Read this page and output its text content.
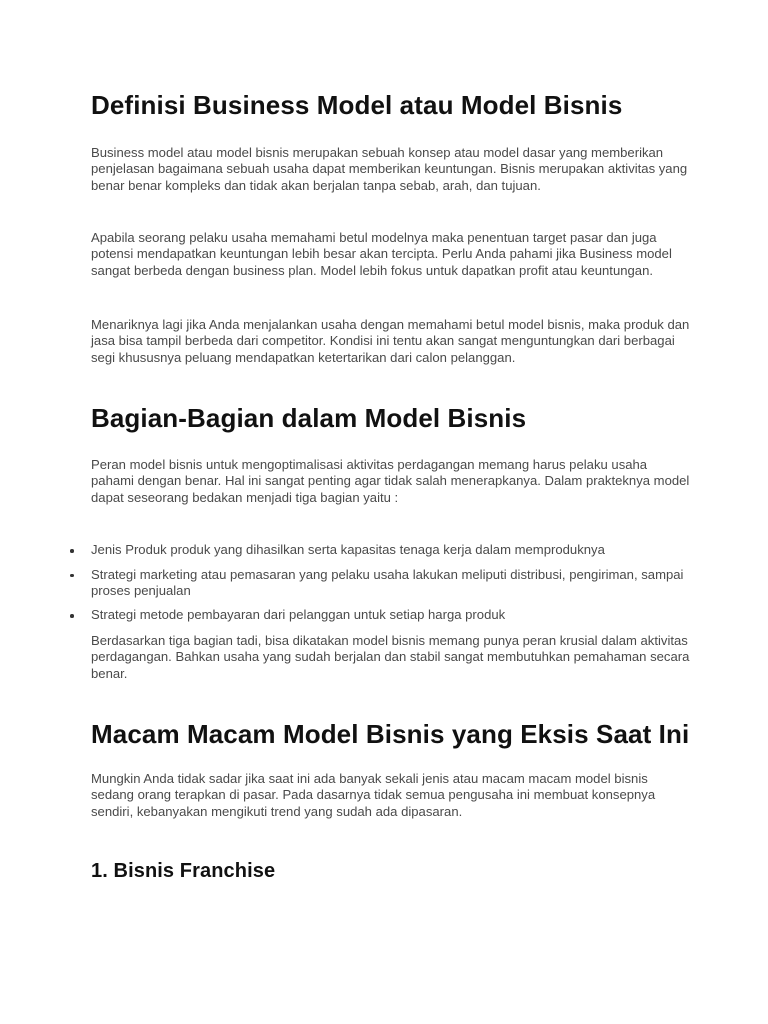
Definisi Business Model atau Model Bisnis

Business model atau model bisnis merupakan sebuah konsep atau model dasar yang memberikan penjelasan bagaimana sebuah usaha dapat memberikan keuntungan. Bisnis merupakan aktivitas yang benar benar kompleks dan tidak akan berjalan tanpa sebab, arah, dan tujuan.

Apabila seorang pelaku usaha memahami betul modelnya maka penentuan target pasar dan juga potensi mendapatkan keuntungan lebih besar akan tercipta. Perlu Anda pahami jika Business model sangat berbeda dengan business plan. Model lebih fokus untuk dapatkan profit atau keuntungan.

Menariknya lagi jika Anda menjalankan usaha dengan memahami betul model bisnis, maka produk dan jasa bisa tampil berbeda dari competitor. Kondisi ini tentu akan sangat menguntungkan dari berbagai segi khususnya peluang mendapatkan ketertarikan dari calon pelanggan.

Bagian-Bagian dalam Model Bisnis

Peran model bisnis untuk mengoptimalisasi aktivitas perdagangan memang harus pelaku usaha pahami dengan benar. Hal ini sangat penting agar tidak salah menerapkanya. Dalam prakteknya model dapat seseorang bedakan menjadi tiga bagian yaitu :

Jenis Produk produk yang dihasilkan serta kapasitas tenaga kerja dalam memproduknya
Strategi marketing atau pemasaran yang pelaku usaha lakukan meliputi distribusi, pengiriman, sampai proses penjualan
Strategi metode pembayaran dari pelanggan untuk setiap harga produk

Berdasarkan tiga bagian tadi, bisa dikatakan model bisnis memang punya peran krusial dalam aktivitas perdagangan. Bahkan usaha yang sudah berjalan dan stabil sangat membutuhkan pemahaman secara benar.

Macam Macam Model Bisnis yang Eksis Saat Ini

Mungkin Anda tidak sadar jika saat ini ada banyak sekali jenis atau macam macam model bisnis sedang orang terapkan di pasar. Pada dasarnya tidak semua pengusaha ini membuat konsepnya sendiri, kebanyakan mengikuti trend yang sudah ada dipasaran.

1. Bisnis Franchise
